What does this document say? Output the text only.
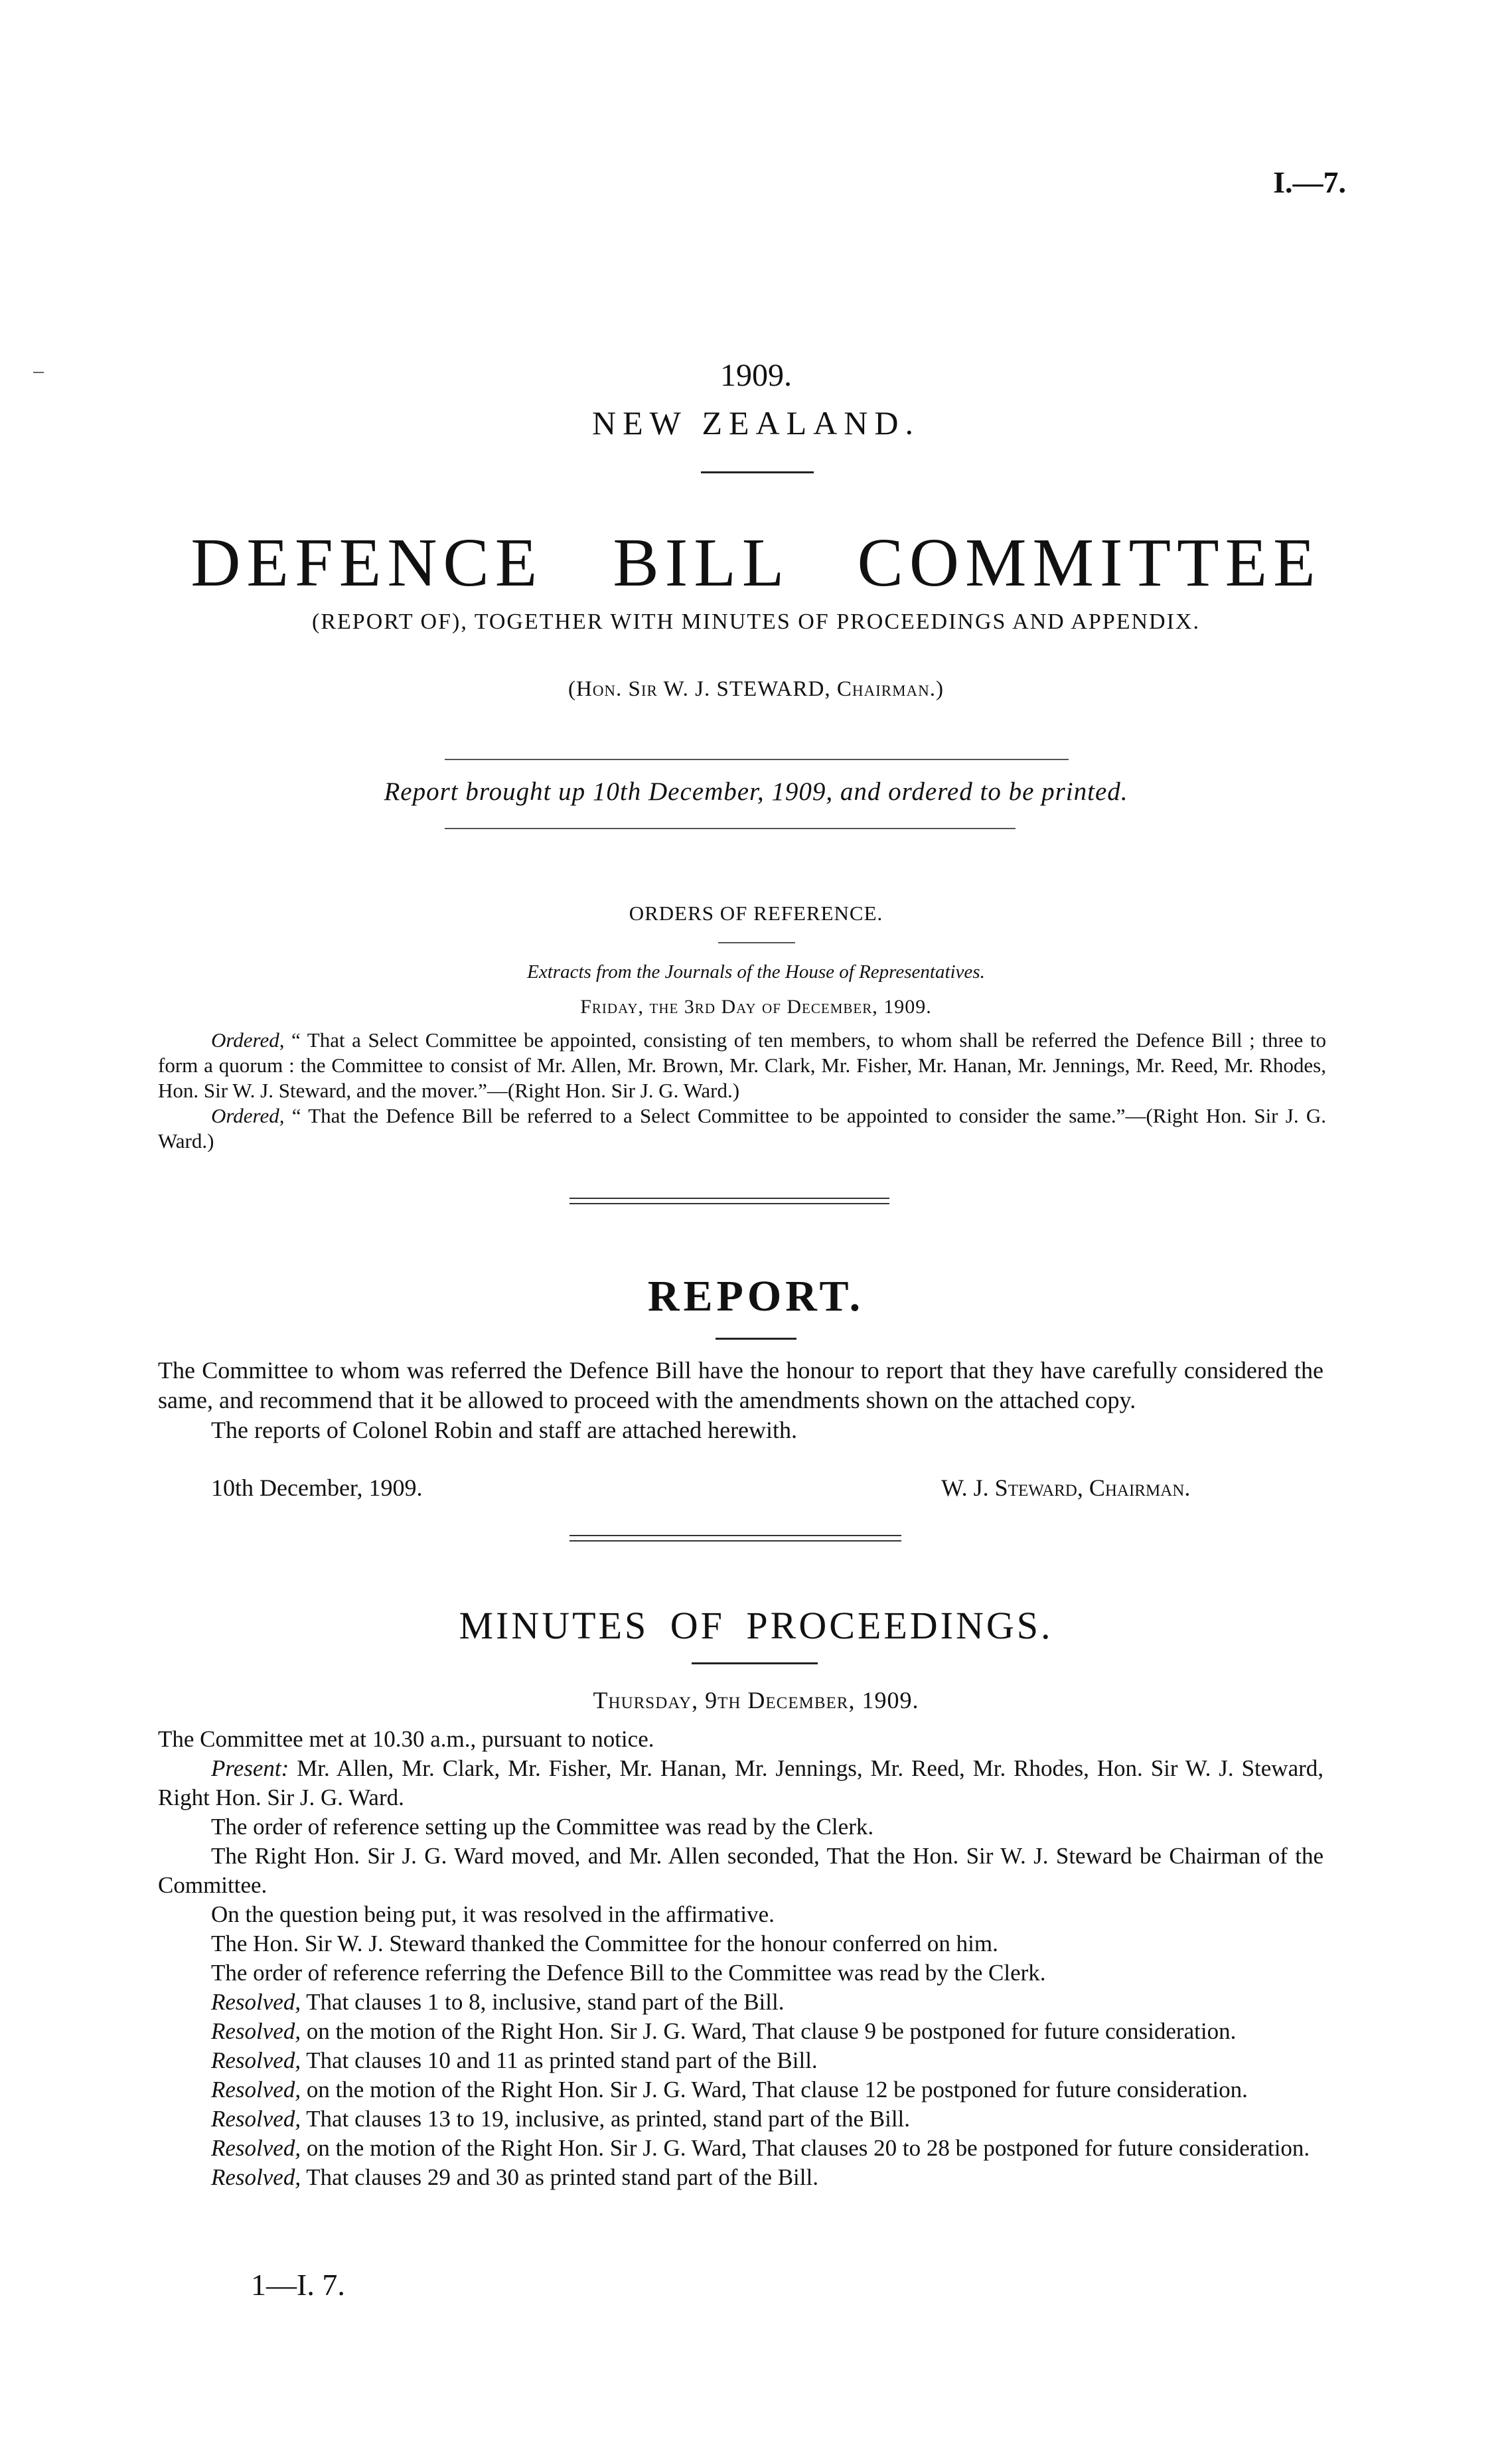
I.—7.
1909.
NEW ZEALAND.
DEFENCE BILL COMMITTEE
(REPORT OF), TOGETHER WITH MINUTES OF PROCEEDINGS AND APPENDIX.
(Hon. Sir W. J. STEWARD, Chairman.)
Report brought up 10th December, 1909, and ordered to be printed.
ORDERS OF REFERENCE.
Extracts from the Journals of the House of Representatives.
Friday, the 3rd Day of December, 1909.

Ordered, “ That a Select Committee be appointed, consisting of ten members, to whom shall be referred the Defence Bill ; three to form a quorum : the Committee to consist of Mr. Allen, Mr. Brown, Mr. Clark, Mr. Fisher, Mr. Hanan, Mr. Jennings, Mr. Reed, Mr. Rhodes, Hon. Sir W. J. Steward, and the mover.”—(Right Hon. Sir J. G. Ward.)

Ordered, “ That the Defence Bill be referred to a Select Committee to be appointed to consider the same.”—(Right Hon. Sir J. G. Ward.)

REPORT.

The Committee to whom was referred the Defence Bill have the honour to report that they have carefully considered the same, and recommend that it be allowed to proceed with the amendments shown on the attached copy.

The reports of Colonel Robin and staff are attached herewith.

10th December, 1909.	W. J. Steward, Chairman.
MINUTES OF PROCEEDINGS.
Thursday, 9th December, 1909.

The Committee met at 10.30 a.m., pursuant to notice.

Present: Mr. Allen, Mr. Clark, Mr. Fisher, Mr. Hanan, Mr. Jennings, Mr. Reed, Mr. Rhodes, Hon. Sir W. J. Steward, Right Hon. Sir J. G. Ward.

The order of reference setting up the Committee was read by the Clerk.

The Right Hon. Sir J. G. Ward moved, and Mr. Allen seconded, That the Hon. Sir W. J. Steward be Chairman of the Committee.

On the question being put, it was resolved in the affirmative.

The Hon. Sir W. J. Steward thanked the Committee for the honour conferred on him.

The order of reference referring the Defence Bill to the Committee was read by the Clerk.

Resolved, That clauses 1 to 8, inclusive, stand part of the Bill.

Resolved, on the motion of the Right Hon. Sir J. G. Ward, That clause 9 be postponed for future consideration.

Resolved, That clauses 10 and 11 as printed stand part of the Bill.

Resolved, on the motion of the Right Hon. Sir J. G. Ward, That clause 12 be postponed for future consideration.

Resolved, That clauses 13 to 19, inclusive, as printed, stand part of the Bill.

Resolved, on the motion of the Right Hon. Sir J. G. Ward, That clauses 20 to 28 be postponed for future consideration.

Resolved, That clauses 29 and 30 as printed stand part of the Bill.

1—I. 7.
